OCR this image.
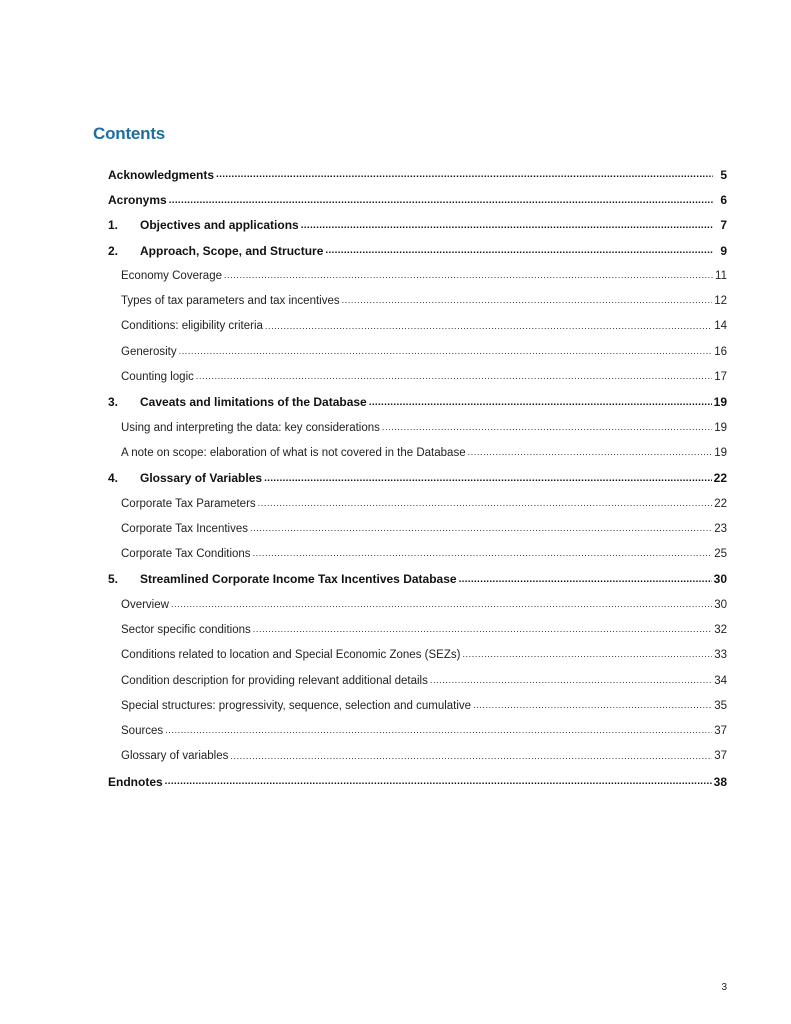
Contents
Acknowledgments .....	5
Acronyms .....	6
1.	Objectives and applications .....	7
2.	Approach, Scope, and Structure .....	9
Economy Coverage .....	11
Types of tax parameters and tax incentives .....	12
Conditions: eligibility criteria .....	14
Generosity .....	16
Counting logic .....	17
3.	Caveats and limitations of the Database .....	19
Using and interpreting the data: key considerations .....	19
A note on scope: elaboration of what is not covered in the Database .....	19
4.	Glossary of Variables .....	22
Corporate Tax Parameters .....	22
Corporate Tax Incentives .....	23
Corporate Tax Conditions .....	25
5.	Streamlined Corporate Income Tax Incentives Database .....	30
Overview .....	30
Sector specific conditions .....	32
Conditions related to location and Special Economic Zones (SEZs) .....	33
Condition description for providing relevant additional details .....	34
Special structures: progressivity, sequence, selection and cumulative .....	35
Sources .....	37
Glossary of variables .....	37
Endnotes .....	38
3
